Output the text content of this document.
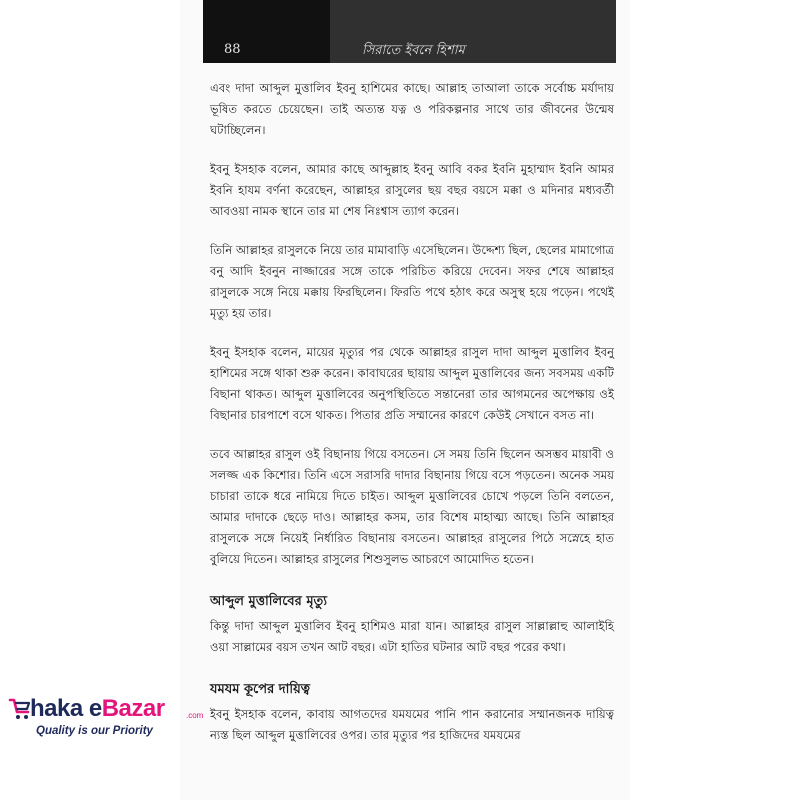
88	সিরাতে ইবনে হিশাম

এবং দাদা আব্দুল মুত্তালিব ইবনু হাশিমের কাছে। আল্লাহ তাআলা তাকে সর্বোচ্চ মর্যাদায় ভূষিত করতে চেয়েছেন। তাই অত্যন্ত যত্ন ও পরিকল্পনার সাথে তার জীবনের উন্মেষ ঘটাচ্ছিলেন।

ইবনু ইসহাক বলেন, আমার কাছে আব্দুল্লাহ ইবনু আবি বকর ইবনি মুহাম্মাদ ইবনি আমর ইবনি হাযম বর্ণনা করেছেন, আল্লাহর রাসুলের ছয় বছর বয়সে মক্কা ও মদিনার মধ্যবর্তী আবওয়া নামক স্থানে তার মা শেষ নিঃশ্বাস ত্যাগ করেন।

তিনি আল্লাহর রাসুলকে নিয়ে তার মামাবাড়ি এসেছিলেন। উদ্দেশ্য ছিল, ছেলের মামাগোত্র বনু আদি ইবনুন নাজ্জারের সঙ্গে তাকে পরিচিত করিয়ে দেবেন। সফর শেষে আল্লাহর রাসুলকে সঙ্গে নিয়ে মক্কায় ফিরছিলেন। ফিরতি পথে হঠাৎ করে অসুস্থ হয়ে পড়েন। পথেই মৃত্যু হয় তার।

ইবনু ইসহাক বলেন, মায়ের মৃত্যুর পর থেকে আল্লাহর রাসুল দাদা আব্দুল মুত্তালিব ইবনু হাশিমের সঙ্গে থাকা শুরু করেন। কাবাঘরের ছায়ায় আব্দুল মুত্তালিবের জন্য সবসময় একটি বিছানা থাকত। আব্দুল মুত্তালিবের অনুপস্থিতিতে সন্তানেরা তার আগমনের অপেক্ষায় ওই বিছানার চারপাশে বসে থাকত। পিতার প্রতি সম্মানের কারণে কেউই সেখানে বসত না।

তবে আল্লাহর রাসুল ওই বিছানায় গিয়ে বসতেন। সে সময় তিনি ছিলেন অসম্ভব মায়াবী ও সলজ্জ এক কিশোর। তিনি এসে সরাসরি দাদার বিছানায় গিয়ে বসে পড়তেন। অনেক সময় চাচারা তাকে ধরে নামিয়ে দিতে চাইত। আব্দুল মুত্তালিবের চোখে পড়লে তিনি বলতেন, আমার দাদাকে ছেড়ে দাও। আল্লাহর কসম, তার বিশেষ মাহাত্ম্য আছে। তিনি আল্লাহর রাসুলকে সঙ্গে নিয়েই নির্ধারিত বিছানায় বসতেন। আল্লাহর রাসুলের পিঠে সস্নেহে হাত বুলিয়ে দিতেন। আল্লাহর রাসুলের শিশুসুলভ আচরণে আমোদিত হতেন।

আব্দুল মুত্তালিবের মৃত্যু

কিন্তু দাদা আব্দুল মুত্তালিব ইবনু হাশিমও মারা যান। আল্লাহর রাসুল সাল্লাল্লাহু আলাইহি ওয়া সাল্লামের বয়স তখন আট বছর। এটা হাতির ঘটনার আট বছর পরের কথা।

যমযম কূপের দায়িত্ব

ইবনু ইসহাক বলেন, কাবায় আগতদের যমযমের পানি পান করানোর সম্মানজনক দায়িত্ব ন্যস্ত ছিল আব্দুল মুত্তালিবের ওপর। তার মৃত্যুর পর হাজিদের যমযমের

haka eBazar	.com
Quality is our Priority
